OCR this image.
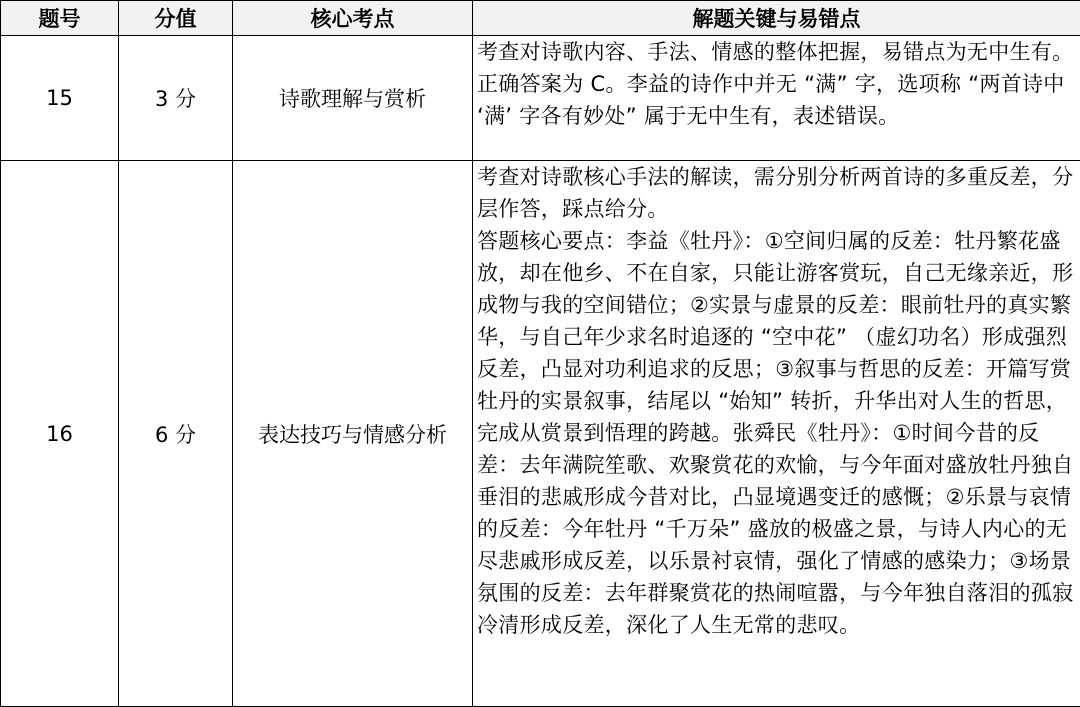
题号	分值	核心考点	解题关键与易错点
15	3 分	诗歌理解与赏析	考查对诗歌内容、手法、情感的整体把握，易错点为无中生有。
正确答案为 C。李益的诗作中并无 “满” 字，选项称 “两首诗中 ‘满’ 字各有妙处” 属于无中生有，表述错误。

16	6 分	表达技巧与情感分析	考查对诗歌核心手法的解读，需分别分析两首诗的多重反差，分层作答，踩点给分。
答题核心要点：李益《牡丹》：①空间归属的反差：牡丹繁花盛放，却在他乡、不在自家，只能让游客赏玩，自己无缘亲近，形成物与我的空间错位；②实景与虚景的反差：眼前牡丹的真实繁华，与自己年少求名时追逐的 “空中花” （虚幻功名）形成强烈反差，凸显对功利追求的反思；③叙事与哲思的反差：开篇写赏牡丹的实景叙事，结尾以 “始知” 转折，升华出对人生的哲思，完成从赏景到悟理的跨越。张舜民《牡丹》：①时间今昔的反差：去年满院笙歌、欢聚赏花的欢愉，与今年面对盛放牡丹独自垂泪的悲戚形成今昔对比，凸显境遇变迁的感慨；②乐景与哀情的反差：今年牡丹 “千万朵” 盛放的极盛之景，与诗人内心的无尽悲戚形成反差，以乐景衬哀情，强化了情感的感染力；③场景氛围的反差：去年群聚赏花的热闹喧嚣，与今年独自落泪的孤寂冷清形成反差，深化了人生无常的悲叹。
